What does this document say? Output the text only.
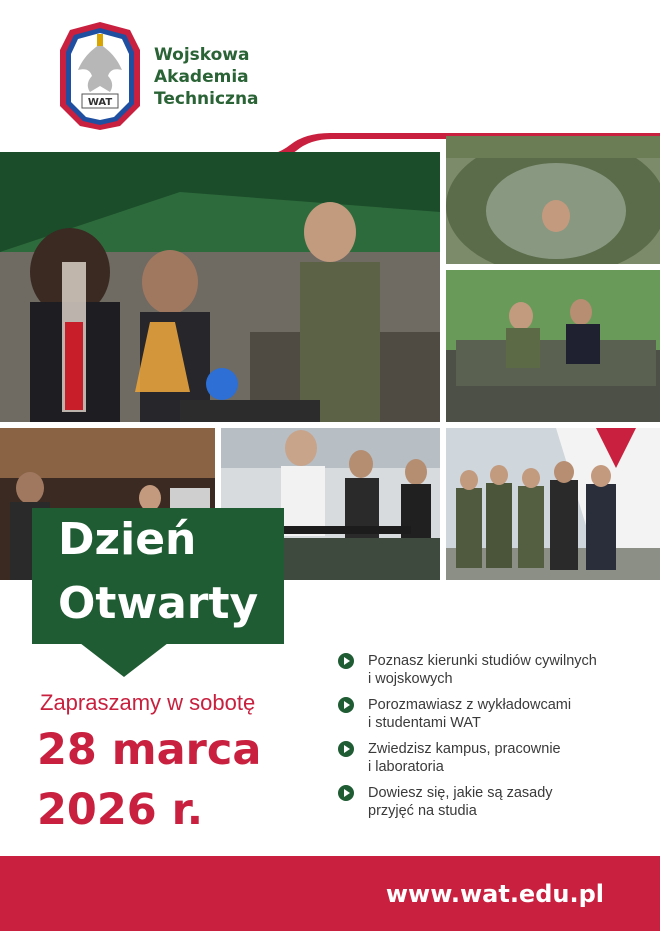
WAT
Wojskowa
Akademia
Techniczna
Dzień
Otwarty
Zapraszamy w sobotę
28 marca
2026 r.
Poznasz kierunki studiów cywilnych
i wojskowych
Porozmawiasz z wykładowcami
i studentami WAT
Zwiedzisz kampus, pracownie
i laboratoria
Dowiesz się, jakie są zasady
przyjęć na studia
www.wat.edu.pl
